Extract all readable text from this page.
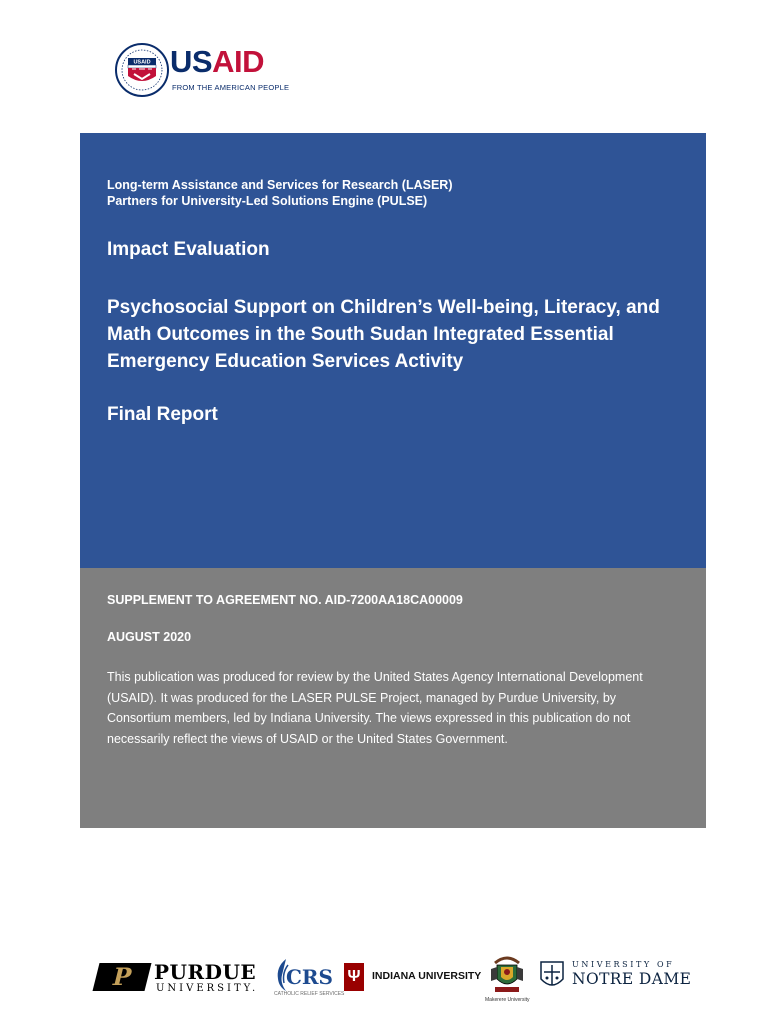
USAID USAID
FROM THE AMERICAN PEOPLE
Long-term Assistance and Services for Research (LASER)
Partners for University-Led Solutions Engine (PULSE)
Impact Evaluation
Psychosocial Support on Children’s Well-being, Literacy, and Math Outcomes in the South Sudan Integrated Essential Emergency Education Services Activity
Final Report
SUPPLEMENT TO AGREEMENT NO. AID-7200AA18CA00009
AUGUST 2020
This publication was produced for review by the United States Agency International Development (USAID). It was produced for the LASER PULSE Project, managed by Purdue University, by Consortium members, led by Indiana University. The views expressed in this publication do not necessarily reflect the views of USAID or the United States Government.
P PURDUE
UNIVERSITY. CRS
CATHOLIC RELIEF SERVICES
Ψ	INDIANA UNIVERSITY
Makerere University
UNIVERSITY OF
NOTRE DAME
